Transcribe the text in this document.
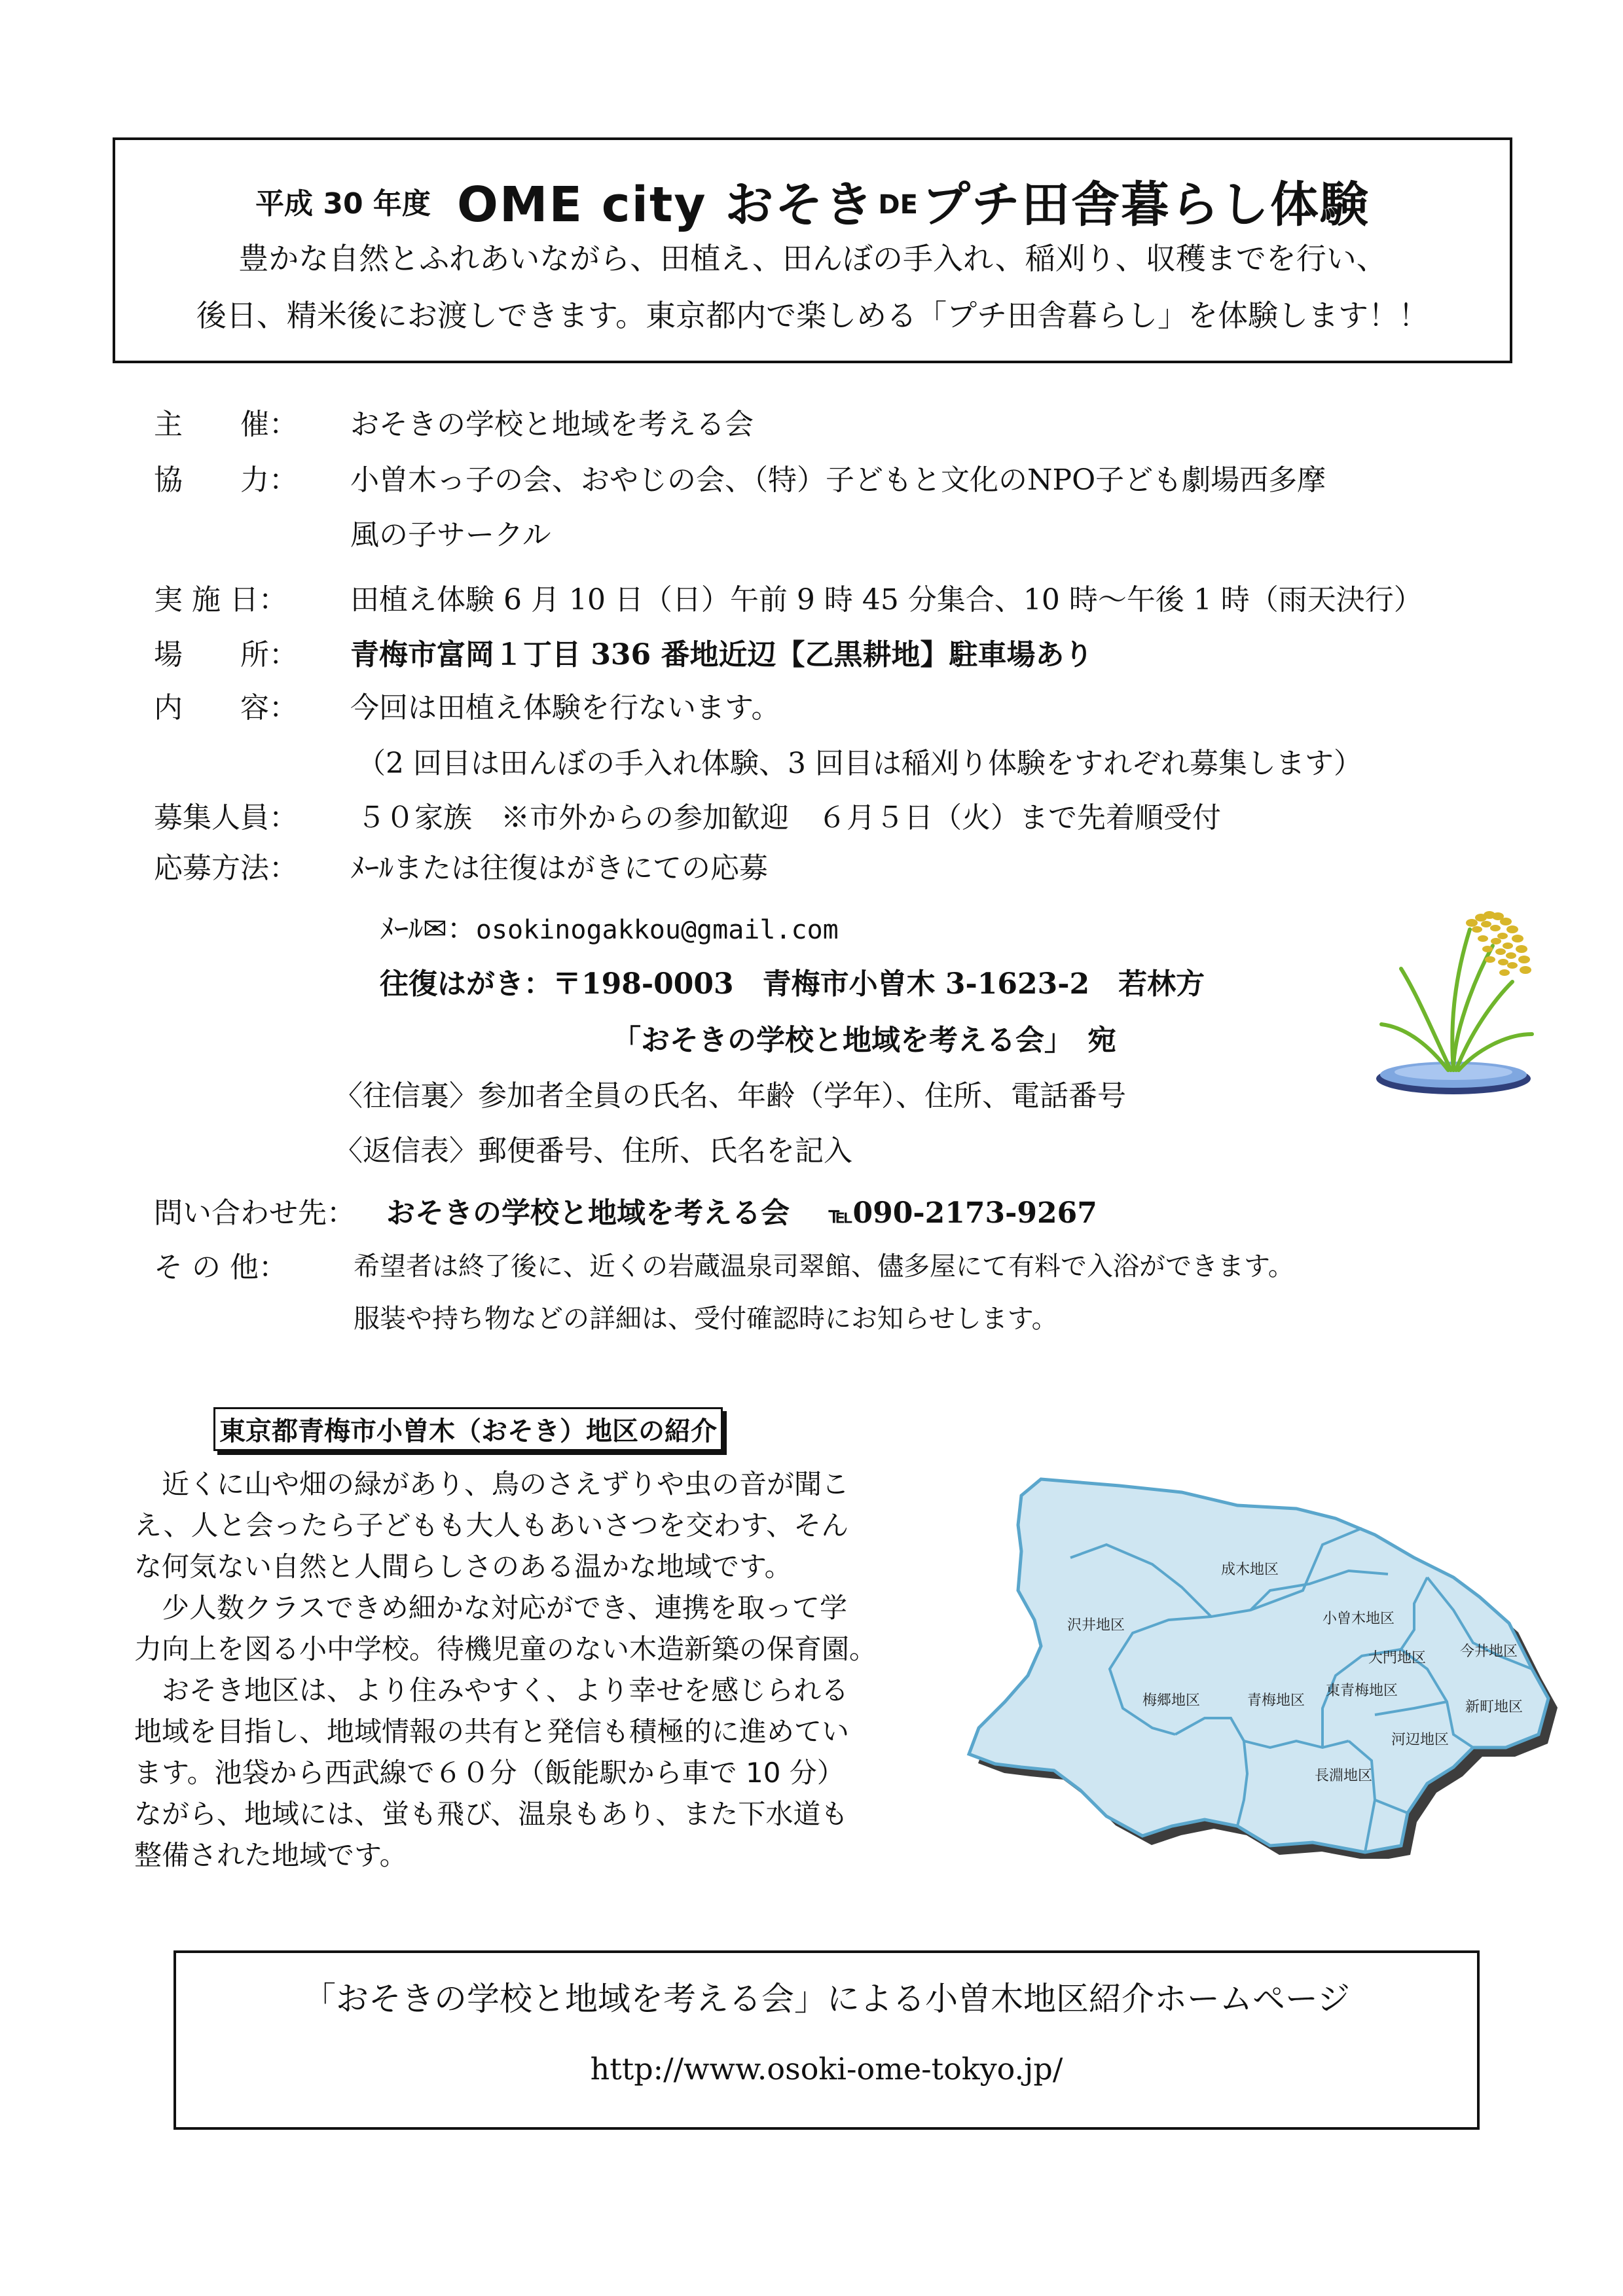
平成 30 年度 OME city おそき DEプチ田舎暮らし体験
豊かな自然とふれあいながら、田植え、田んぼの手入れ、稲刈り、収穫までを行い、
後日、精米後にお渡しできます。東京都内で楽しめる「プチ田舎暮らし」を体験します！！
主　　催： おそきの学校と地域を考える会
協　　力： 小曽木っ子の会、おやじの会、（特）子どもと文化のNPO子ども劇場西多摩
風の子サークル
実 施 日： 田植え体験 6 月 10 日（日）午前 9 時 45 分集合、10 時～午後 1 時（雨天決行）
場　　所： 青梅市富岡１丁目 336 番地近辺【乙黒耕地】駐車場あり
内　　容： 今回は田植え体験を行ないます。
（2 回目は田んぼの手入れ体験、3 回目は稲刈り体験をすれぞれ募集します）
募集人員： ５０家族　※市外からの参加歓迎　６月５日（火）まで先着順受付
応募方法： ﾒｰﾙまたは往復はがきにての応募
ﾒｰﾙ✉：osokinogakkou@gmail.com
往復はがき：〒198-0003　青梅市小曽木 3-1623-2　若林方
「おそきの学校と地域を考える会」　宛
〈往信裏〉参加者全員の氏名、年齢（学年）、住所、電話番号
〈返信表〉郵便番号、住所、氏名を記入
問い合わせ先： おそきの学校と地域を考える会 ℡090-2173-9267
そ の 他：	希望者は終了後に、近くの岩蔵温泉司翠館、儘多屋にて有料で入浴ができます。
服装や持ち物などの詳細は、受付確認時にお知らせします。
東京都青梅市小曽木（おそき）地区の紹介
　近くに山や畑の緑があり、鳥のさえずりや虫の音が聞こ
え、人と会ったら子どもも大人もあいさつを交わす、そん
な何気ない自然と人間らしさのある温かな地域です。
　少人数クラスできめ細かな対応ができ、連携を取って学
力向上を図る小中学校。待機児童のない木造新築の保育園。
　おそき地区は、より住みやすく、より幸せを感じられる
地域を目指し、地域情報の共有と発信も積極的に進めてい
ます。池袋から西武線で６０分（飯能駅から車で 10 分）
ながら、地域には、蛍も飛び、温泉もあり、また下水道も
整備された地域です。
成木地区
沢井地区	小曽木地区
今井地区
大門地区
東青梅地区
梅郷地区	青梅地区	新町地区
河辺地区
長淵地区
「おそきの学校と地域を考える会」による小曽木地区紹介ホームページ
http://www.osoki-ome-tokyo.jp/
